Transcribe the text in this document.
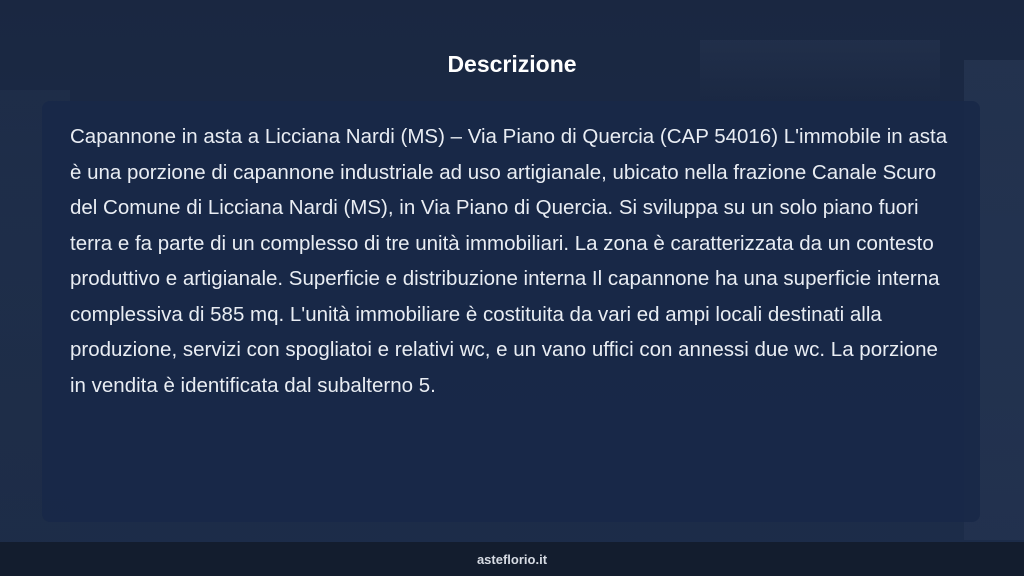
Descrizione

Capannone in asta a Licciana Nardi (MS) – Via Piano di Quercia (CAP 54016) L'immobile in asta è una porzione di capannone industriale ad uso artigianale, ubicato nella frazione Canale Scuro del Comune di Licciana Nardi (MS), in Via Piano di Quercia. Si sviluppa su un solo piano fuori terra e fa parte di un complesso di tre unità immobiliari. La zona è caratterizzata da un contesto produttivo e artigianale. Superficie e distribuzione interna Il capannone ha una superficie interna complessiva di 585 mq. L'unità immobiliare è costituita da vari ed ampi locali destinati alla produzione, servizi con spogliatoi e relativi wc, e un vano uffici con annessi due wc. La porzione in vendita è identificata dal subalterno 5.

asteflorio.it
